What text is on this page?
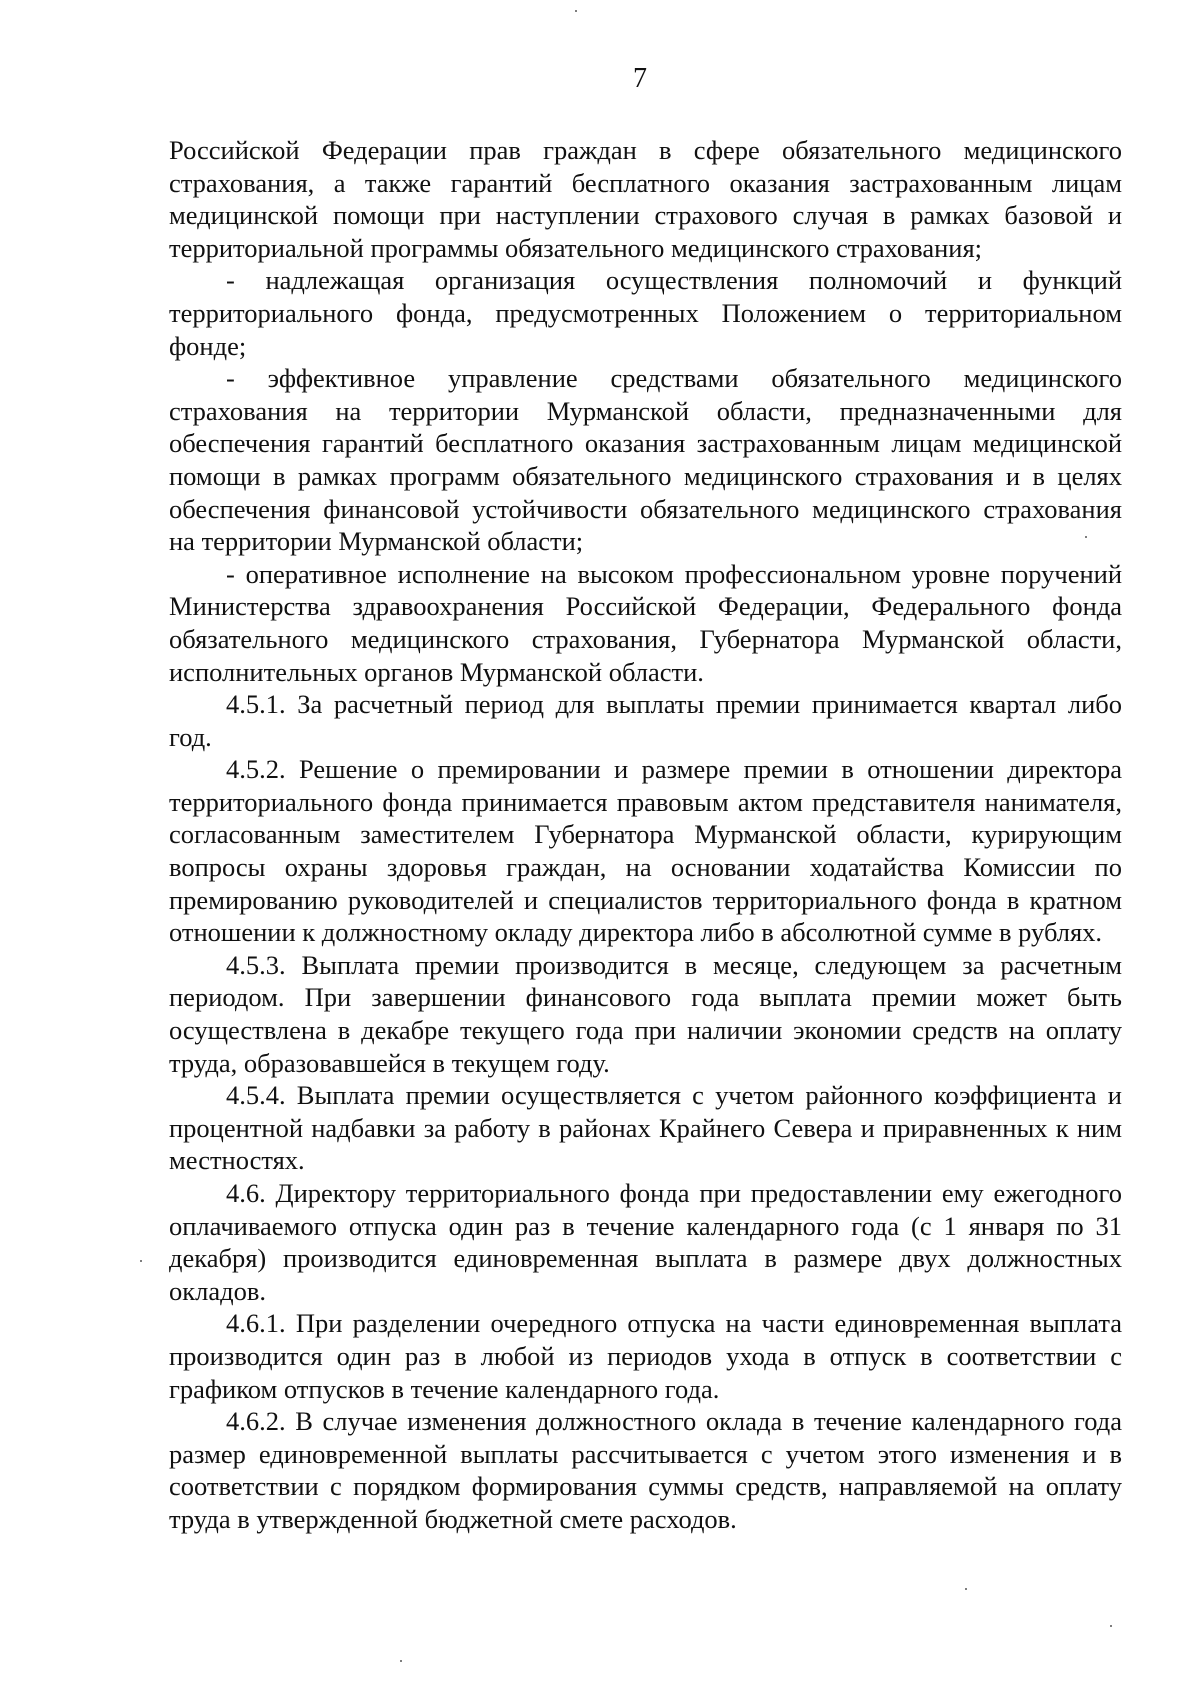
7

Российской Федерации прав граждан в сфере обязательного медицинского страхования, а также гарантий бесплатного оказания застрахованным лицам медицинской помощи при наступлении страхового случая в рамках базовой и территориальной программы обязательного медицинского страхования;

- надлежащая организация осуществления полномочий и функций территориального фонда, предусмотренных Положением о территориальном фонде;

- эффективное управление средствами обязательного медицинского страхования на территории Мурманской области, предназначенными для обеспечения гарантий бесплатного оказания застрахованным лицам медицинской помощи в рамках программ обязательного медицинского страхования и в целях обеспечения финансовой устойчивости обязательного медицинского страхования на территории Мурманской области;

- оперативное исполнение на высоком профессиональном уровне поручений Министерства здравоохранения Российской Федерации, Федерального фонда обязательного медицинского страхования, Губернатора Мурманской области, исполнительных органов Мурманской области.

4.5.1. За расчетный период для выплаты премии принимается квартал либо год.

4.5.2. Решение о премировании и размере премии в отношении директора территориального фонда принимается правовым актом представителя нанимателя, согласованным заместителем Губернатора Мурманской области, курирующим вопросы охраны здоровья граждан, на основании ходатайства Комиссии по премированию руководителей и специалистов территориального фонда в кратном отношении к должностному окладу директора либо в абсолютной сумме в рублях.

4.5.3. Выплата премии производится в месяце, следующем за расчетным периодом. При завершении финансового года выплата премии может быть осуществлена в декабре текущего года при наличии экономии средств на оплату труда, образовавшейся в текущем году.

4.5.4. Выплата премии осуществляется с учетом районного коэффициента и процентной надбавки за работу в районах Крайнего Севера и приравненных к ним местностях.

4.6. Директору территориального фонда при предоставлении ему ежегодного оплачиваемого отпуска один раз в течение календарного года (с 1 января по 31 декабря) производится единовременная выплата в размере двух должностных окладов.

4.6.1. При разделении очередного отпуска на части единовременная выплата производится один раз в любой из периодов ухода в отпуск в соответствии с графиком отпусков в течение календарного года.

4.6.2. В случае изменения должностного оклада в течение календарного года размер единовременной выплаты рассчитывается с учетом этого изменения и в соответствии с порядком формирования суммы средств, направляемой на оплату труда в утвержденной бюджетной смете расходов.
